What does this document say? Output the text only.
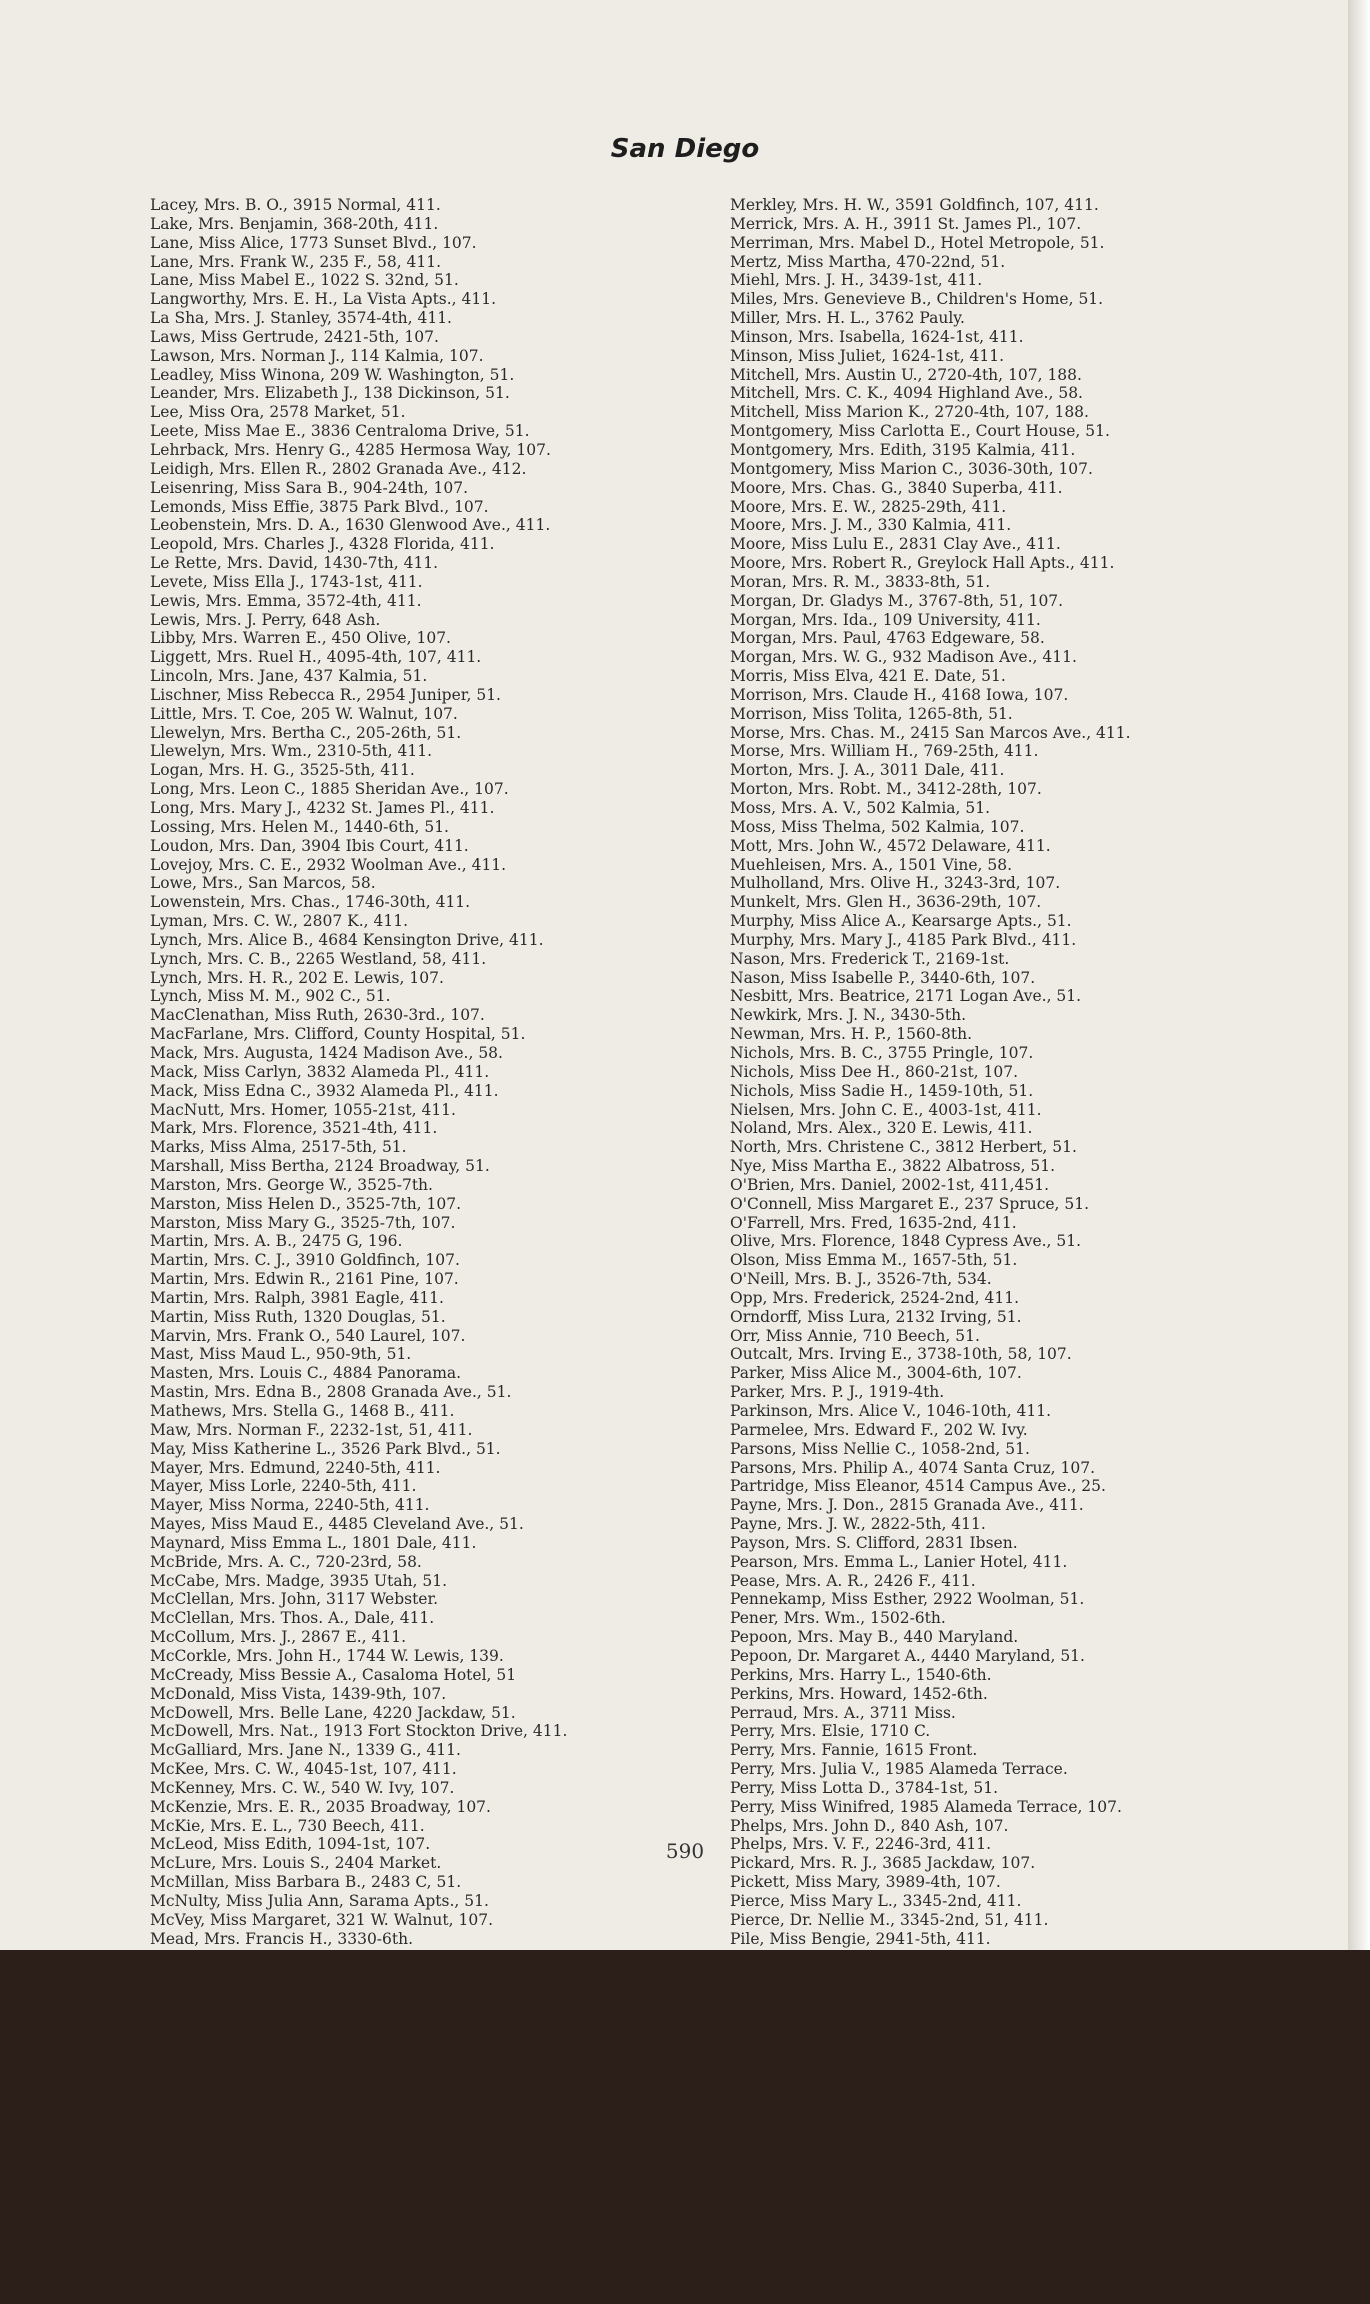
San Diego
Lacey, Mrs. B. O., 3915 Normal, 411.
Lake, Mrs. Benjamin, 368-20th, 411.
Lane, Miss Alice, 1773 Sunset Blvd., 107.
Lane, Mrs. Frank W., 235 F., 58, 411.
Lane, Miss Mabel E., 1022 S. 32nd, 51.
Langworthy, Mrs. E. H., La Vista Apts., 411.
La Sha, Mrs. J. Stanley, 3574-4th, 411.
Laws, Miss Gertrude, 2421-5th, 107.
Lawson, Mrs. Norman J., 114 Kalmia, 107.
Leadley, Miss Winona, 209 W. Washington, 51.
Leander, Mrs. Elizabeth J., 138 Dickinson, 51.
Lee, Miss Ora, 2578 Market, 51.
Leete, Miss Mae E., 3836 Centraloma Drive, 51.
Lehrback, Mrs. Henry G., 4285 Hermosa Way, 107.
Leidigh, Mrs. Ellen R., 2802 Granada Ave., 412.
Leisenring, Miss Sara B., 904-24th, 107.
Lemonds, Miss Effie, 3875 Park Blvd., 107.
Leobenstein, Mrs. D. A., 1630 Glenwood Ave., 411.
Leopold, Mrs. Charles J., 4328 Florida, 411.
Le Rette, Mrs. David, 1430-7th, 411.
Levete, Miss Ella J., 1743-1st, 411.
Lewis, Mrs. Emma, 3572-4th, 411.
Lewis, Mrs. J. Perry, 648 Ash.
Libby, Mrs. Warren E., 450 Olive, 107.
Liggett, Mrs. Ruel H., 4095-4th, 107, 411.
Lincoln, Mrs. Jane, 437 Kalmia, 51.
Lischner, Miss Rebecca R., 2954 Juniper, 51.
Little, Mrs. T. Coe, 205 W. Walnut, 107.
Llewelyn, Mrs. Bertha C., 205-26th, 51.
Llewelyn, Mrs. Wm., 2310-5th, 411.
Logan, Mrs. H. G., 3525-5th, 411.
Long, Mrs. Leon C., 1885 Sheridan Ave., 107.
Long, Mrs. Mary J., 4232 St. James Pl., 411.
Lossing, Mrs. Helen M., 1440-6th, 51.
Loudon, Mrs. Dan, 3904 Ibis Court, 411.
Lovejoy, Mrs. C. E., 2932 Woolman Ave., 411.
Lowe, Mrs., San Marcos, 58.
Lowenstein, Mrs. Chas., 1746-30th, 411.
Lyman, Mrs. C. W., 2807 K., 411.
Lynch, Mrs. Alice B., 4684 Kensington Drive, 411.
Lynch, Mrs. C. B., 2265 Westland, 58, 411.
Lynch, Mrs. H. R., 202 E. Lewis, 107.
Lynch, Miss M. M., 902 C., 51.
MacClenathan, Miss Ruth, 2630-3rd., 107.
MacFarlane, Mrs. Clifford, County Hospital, 51.
Mack, Mrs. Augusta, 1424 Madison Ave., 58.
Mack, Miss Carlyn, 3832 Alameda Pl., 411.
Mack, Miss Edna C., 3932 Alameda Pl., 411.
MacNutt, Mrs. Homer, 1055-21st, 411.
Mark, Mrs. Florence, 3521-4th, 411.
Marks, Miss Alma, 2517-5th, 51.
Marshall, Miss Bertha, 2124 Broadway, 51.
Marston, Mrs. George W., 3525-7th.
Marston, Miss Helen D., 3525-7th, 107.
Marston, Miss Mary G., 3525-7th, 107.
Martin, Mrs. A. B., 2475 G, 196.
Martin, Mrs. C. J., 3910 Goldfinch, 107.
Martin, Mrs. Edwin R., 2161 Pine, 107.
Martin, Mrs. Ralph, 3981 Eagle, 411.
Martin, Miss Ruth, 1320 Douglas, 51.
Marvin, Mrs. Frank O., 540 Laurel, 107.
Mast, Miss Maud L., 950-9th, 51.
Masten, Mrs. Louis C., 4884 Panorama.
Mastin, Mrs. Edna B., 2808 Granada Ave., 51.
Mathews, Mrs. Stella G., 1468 B., 411.
Maw, Mrs. Norman F., 2232-1st, 51, 411.
May, Miss Katherine L., 3526 Park Blvd., 51.
Mayer, Mrs. Edmund, 2240-5th, 411.
Mayer, Miss Lorle, 2240-5th, 411.
Mayer, Miss Norma, 2240-5th, 411.
Mayes, Miss Maud E., 4485 Cleveland Ave., 51.
Maynard, Miss Emma L., 1801 Dale, 411.
McBride, Mrs. A. C., 720-23rd, 58.
McCabe, Mrs. Madge, 3935 Utah, 51.
McClellan, Mrs. John, 3117 Webster.
McClellan, Mrs. Thos. A., Dale, 411.
McCollum, Mrs. J., 2867 E., 411.
McCorkle, Mrs. John H., 1744 W. Lewis, 139.
McCready, Miss Bessie A., Casaloma Hotel, 51
McDonald, Miss Vista, 1439-9th, 107.
McDowell, Mrs. Belle Lane, 4220 Jackdaw, 51.
McDowell, Mrs. Nat., 1913 Fort Stockton Drive, 411.
McGalliard, Mrs. Jane N., 1339 G., 411.
McKee, Mrs. C. W., 4045-1st, 107, 411.
McKenney, Mrs. C. W., 540 W. Ivy, 107.
McKenzie, Mrs. E. R., 2035 Broadway, 107.
McKie, Mrs. E. L., 730 Beech, 411.
McLeod, Miss Edith, 1094-1st, 107.
McLure, Mrs. Louis S., 2404 Market.
McMillan, Miss Barbara B., 2483 C, 51.
McNulty, Miss Julia Ann, Sarama Apts., 51.
McVey, Miss Margaret, 321 W. Walnut, 107.
Mead, Mrs. Francis H., 3330-6th.
Merkley, Mrs. H. W., 3591 Goldfinch, 107, 411.
Merrick, Mrs. A. H., 3911 St. James Pl., 107.
Merriman, Mrs. Mabel D., Hotel Metropole, 51.
Mertz, Miss Martha, 470-22nd, 51.
Miehl, Mrs. J. H., 3439-1st, 411.
Miles, Mrs. Genevieve B., Children's Home, 51.
Miller, Mrs. H. L., 3762 Pauly.
Minson, Mrs. Isabella, 1624-1st, 411.
Minson, Miss Juliet, 1624-1st, 411.
Mitchell, Mrs. Austin U., 2720-4th, 107, 188.
Mitchell, Mrs. C. K., 4094 Highland Ave., 58.
Mitchell, Miss Marion K., 2720-4th, 107, 188.
Montgomery, Miss Carlotta E., Court House, 51.
Montgomery, Mrs. Edith, 3195 Kalmia, 411.
Montgomery, Miss Marion C., 3036-30th, 107.
Moore, Mrs. Chas. G., 3840 Superba, 411.
Moore, Mrs. E. W., 2825-29th, 411.
Moore, Mrs. J. M., 330 Kalmia, 411.
Moore, Miss Lulu E., 2831 Clay Ave., 411.
Moore, Mrs. Robert R., Greylock Hall Apts., 411.
Moran, Mrs. R. M., 3833-8th, 51.
Morgan, Dr. Gladys M., 3767-8th, 51, 107.
Morgan, Mrs. Ida., 109 University, 411.
Morgan, Mrs. Paul, 4763 Edgeware, 58.
Morgan, Mrs. W. G., 932 Madison Ave., 411.
Morris, Miss Elva, 421 E. Date, 51.
Morrison, Mrs. Claude H., 4168 Iowa, 107.
Morrison, Miss Tolita, 1265-8th, 51.
Morse, Mrs. Chas. M., 2415 San Marcos Ave., 411.
Morse, Mrs. William H., 769-25th, 411.
Morton, Mrs. J. A., 3011 Dale, 411.
Morton, Mrs. Robt. M., 3412-28th, 107.
Moss, Mrs. A. V., 502 Kalmia, 51.
Moss, Miss Thelma, 502 Kalmia, 107.
Mott, Mrs. John W., 4572 Delaware, 411.
Muehleisen, Mrs. A., 1501 Vine, 58.
Mulholland, Mrs. Olive H., 3243-3rd, 107.
Munkelt, Mrs. Glen H., 3636-29th, 107.
Murphy, Miss Alice A., Kearsarge Apts., 51.
Murphy, Mrs. Mary J., 4185 Park Blvd., 411.
Nason, Mrs. Frederick T., 2169-1st.
Nason, Miss Isabelle P., 3440-6th, 107.
Nesbitt, Mrs. Beatrice, 2171 Logan Ave., 51.
Newkirk, Mrs. J. N., 3430-5th.
Newman, Mrs. H. P., 1560-8th.
Nichols, Mrs. B. C., 3755 Pringle, 107.
Nichols, Miss Dee H., 860-21st, 107.
Nichols, Miss Sadie H., 1459-10th, 51.
Nielsen, Mrs. John C. E., 4003-1st, 411.
Noland, Mrs. Alex., 320 E. Lewis, 411.
North, Mrs. Christene C., 3812 Herbert, 51.
Nye, Miss Martha E., 3822 Albatross, 51.
O'Brien, Mrs. Daniel, 2002-1st, 411,451.
O'Connell, Miss Margaret E., 237 Spruce, 51.
O'Farrell, Mrs. Fred, 1635-2nd, 411.
Olive, Mrs. Florence, 1848 Cypress Ave., 51.
Olson, Miss Emma M., 1657-5th, 51.
O'Neill, Mrs. B. J., 3526-7th, 534.
Opp, Mrs. Frederick, 2524-2nd, 411.
Orndorff, Miss Lura, 2132 Irving, 51.
Orr, Miss Annie, 710 Beech, 51.
Outcalt, Mrs. Irving E., 3738-10th, 58, 107.
Parker, Miss Alice M., 3004-6th, 107.
Parker, Mrs. P. J., 1919-4th.
Parkinson, Mrs. Alice V., 1046-10th, 411.
Parmelee, Mrs. Edward F., 202 W. Ivy.
Parsons, Miss Nellie C., 1058-2nd, 51.
Parsons, Mrs. Philip A., 4074 Santa Cruz, 107.
Partridge, Miss Eleanor, 4514 Campus Ave., 25.
Payne, Mrs. J. Don., 2815 Granada Ave., 411.
Payne, Mrs. J. W., 2822-5th, 411.
Payson, Mrs. S. Clifford, 2831 Ibsen.
Pearson, Mrs. Emma L., Lanier Hotel, 411.
Pease, Mrs. A. R., 2426 F., 411.
Pennekamp, Miss Esther, 2922 Woolman, 51.
Pener, Mrs. Wm., 1502-6th.
Pepoon, Mrs. May B., 440 Maryland.
Pepoon, Dr. Margaret A., 4440 Maryland, 51.
Perkins, Mrs. Harry L., 1540-6th.
Perkins, Mrs. Howard, 1452-6th.
Perraud, Mrs. A., 3711 Miss.
Perry, Mrs. Elsie, 1710 C.
Perry, Mrs. Fannie, 1615 Front.
Perry, Mrs. Julia V., 1985 Alameda Terrace.
Perry, Miss Lotta D., 3784-1st, 51.
Perry, Miss Winifred, 1985 Alameda Terrace, 107.
Phelps, Mrs. John D., 840 Ash, 107.
Phelps, Mrs. V. F., 2246-3rd, 411.
Pickard, Mrs. R. J., 3685 Jackdaw, 107.
Pickett, Miss Mary, 3989-4th, 107.
Pierce, Miss Mary L., 3345-2nd, 411.
Pierce, Dr. Nellie M., 3345-2nd, 51, 411.
Pile, Miss Bengie, 2941-5th, 411.
590
